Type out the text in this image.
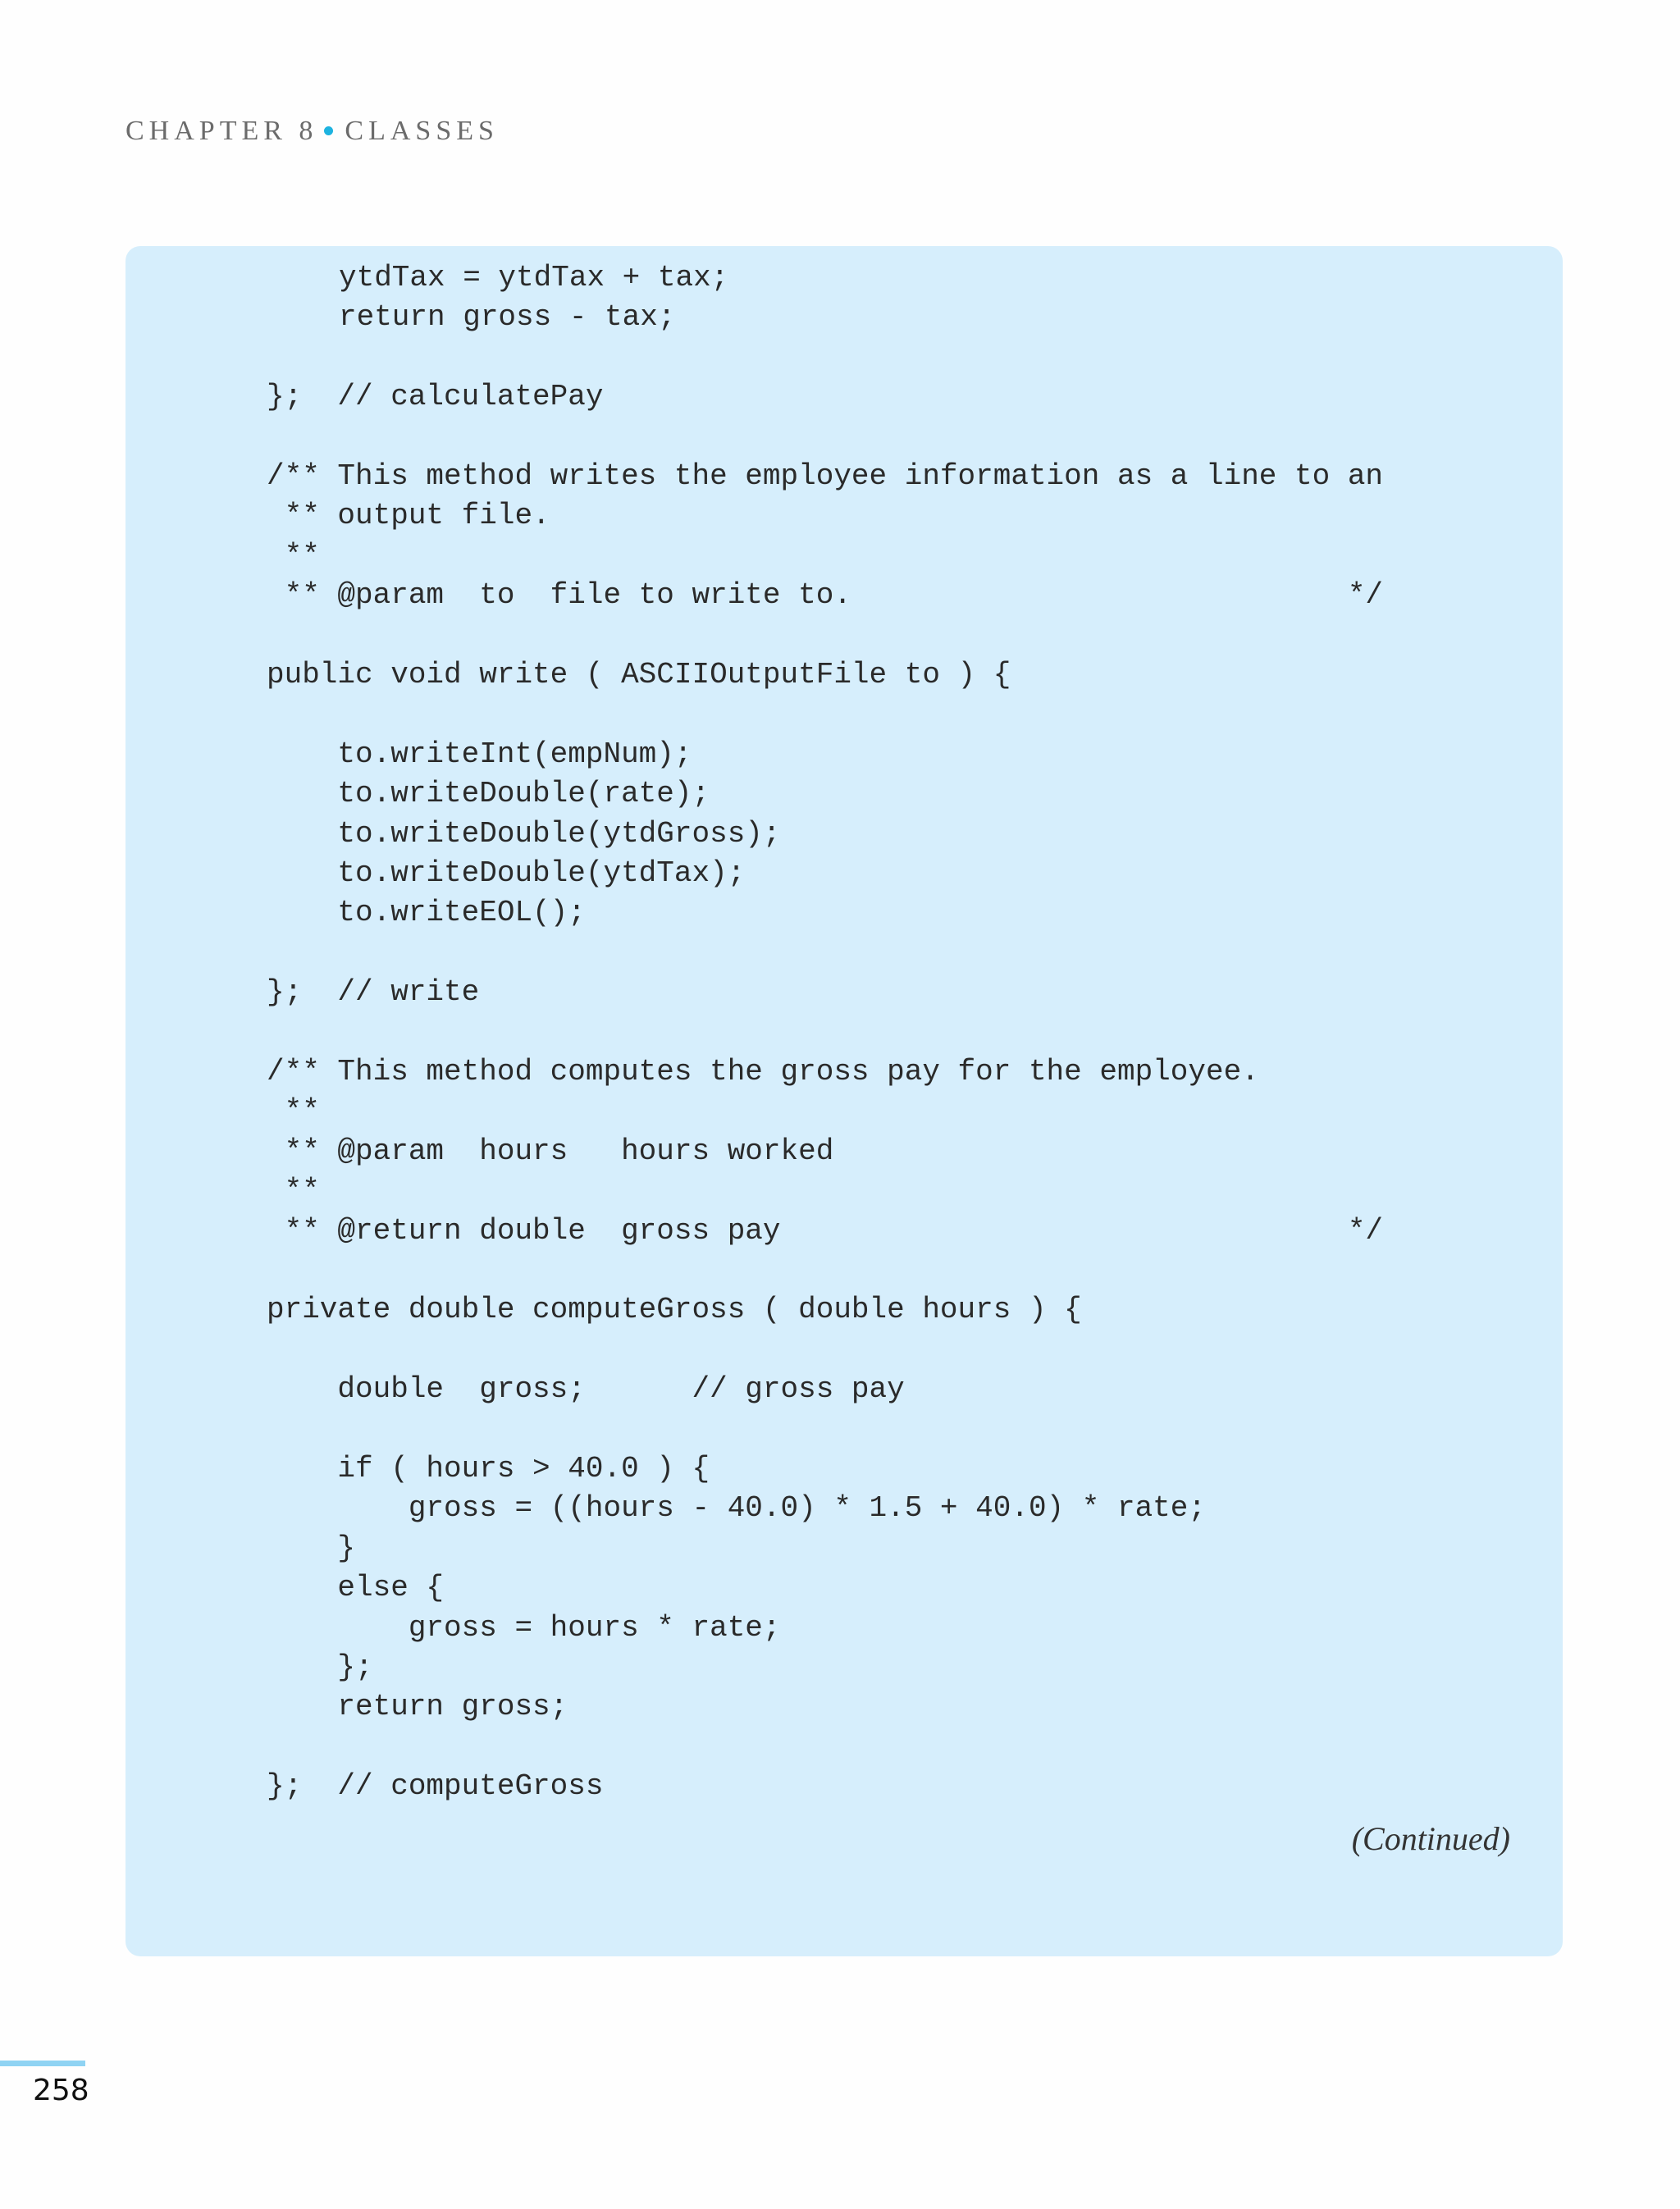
CHAPTER 8 CLASSES
ytdTax = ytdTax + tax;
return gross - tax;
};  // calculatePay
/** This method writes the employee information as a line to an
** output file.
**
** @param  to  file to write to.                            */
public void write ( ASCIIOutputFile to ) {
to.writeInt(empNum);
to.writeDouble(rate);
to.writeDouble(ytdGross);
to.writeDouble(ytdTax);
to.writeEOL();
};  // write
/** This method computes the gross pay for the employee.
**
** @param  hours   hours worked
**
** @return double  gross pay                                */
private double computeGross ( double hours ) {
double  gross;      // gross pay
if ( hours > 40.0 ) {
gross = ((hours - 40.0) * 1.5 + 40.0) * rate;
}
else {
gross = hours * rate;
};
return gross;
};  // computeGross
(Continued)
258
